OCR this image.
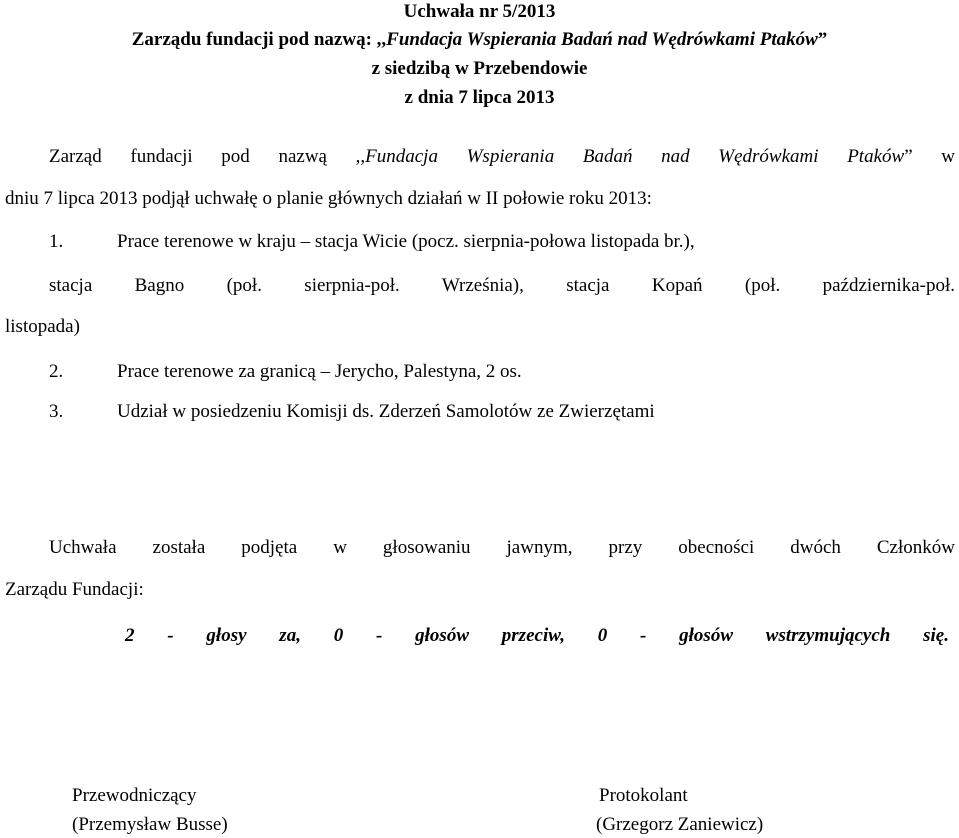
Uchwała nr 5/2013
Zarządu fundacji pod nazwą: ,,Fundacja Wspierania Badań nad Wędrówkami Ptaków”
z siedzibą w Przebendowie
z dnia 7 lipca 2013
Zarząd fundacji pod nazwą ,,Fundacja Wspierania Badań nad Wędrówkami Ptaków” w
dniu 7 lipca 2013 podjął uchwałę o planie głównych działań w II połowie roku 2013:
1.	Prace terenowe w kraju – stacja Wicie (pocz. sierpnia-połowa listopada br.),
stacja Bagno (poł. sierpnia-poł. Września), stacja Kopań (poł. października-poł.
listopada)
2.	Prace terenowe za granicą – Jerycho, Palestyna, 2 os.
3.	Udział w posiedzeniu Komisji ds. Zderzeń Samolotów ze Zwierzętami
Uchwała została podjęta w głosowaniu jawnym, przy obecności dwóch Członków
Zarządu Fundacji:
2 - głosy za, 0 - głosów przeciw, 0 - głosów wstrzymujących się.
Przewodniczący
(Przemysław Busse)
Protokolant
(Grzegorz Zaniewicz)
